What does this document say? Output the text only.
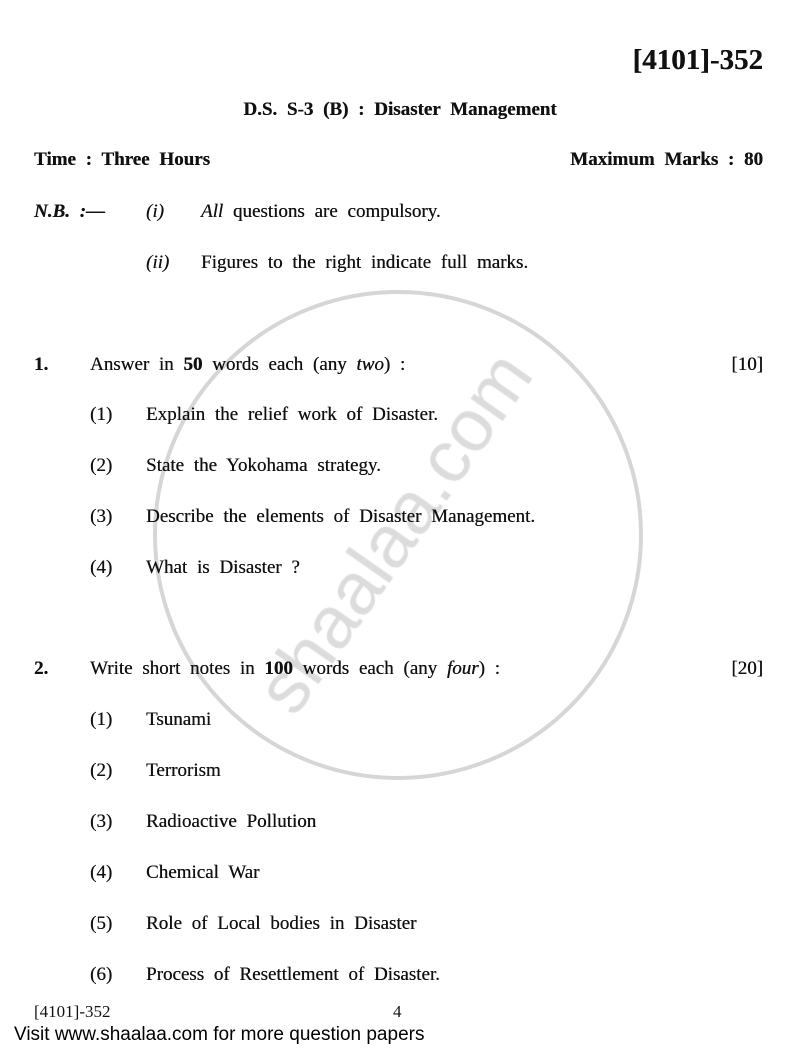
[4101]-352
D.S. S-3 (B) : Disaster Management
Time : Three Hours	Maximum Marks : 80
N.B. :— (i) All questions are compulsory.
(ii) Figures to the right indicate full marks.
1. Answer in 50 words each (any two) :	[10]
(1) Explain the relief work of Disaster.
(2) State the Yokohama strategy.
(3) Describe the elements of Disaster Management.
(4) What is Disaster ?
2. Write short notes in 100 words each (any four) :	[20]
(1) Tsunami
(2) Terrorism
(3) Radioactive Pollution
(4) Chemical War
(5) Role of Local bodies in Disaster
(6) Process of Resettlement of Disaster.
[4101]-352	4
Visit www.shaalaa.com for more question papers
